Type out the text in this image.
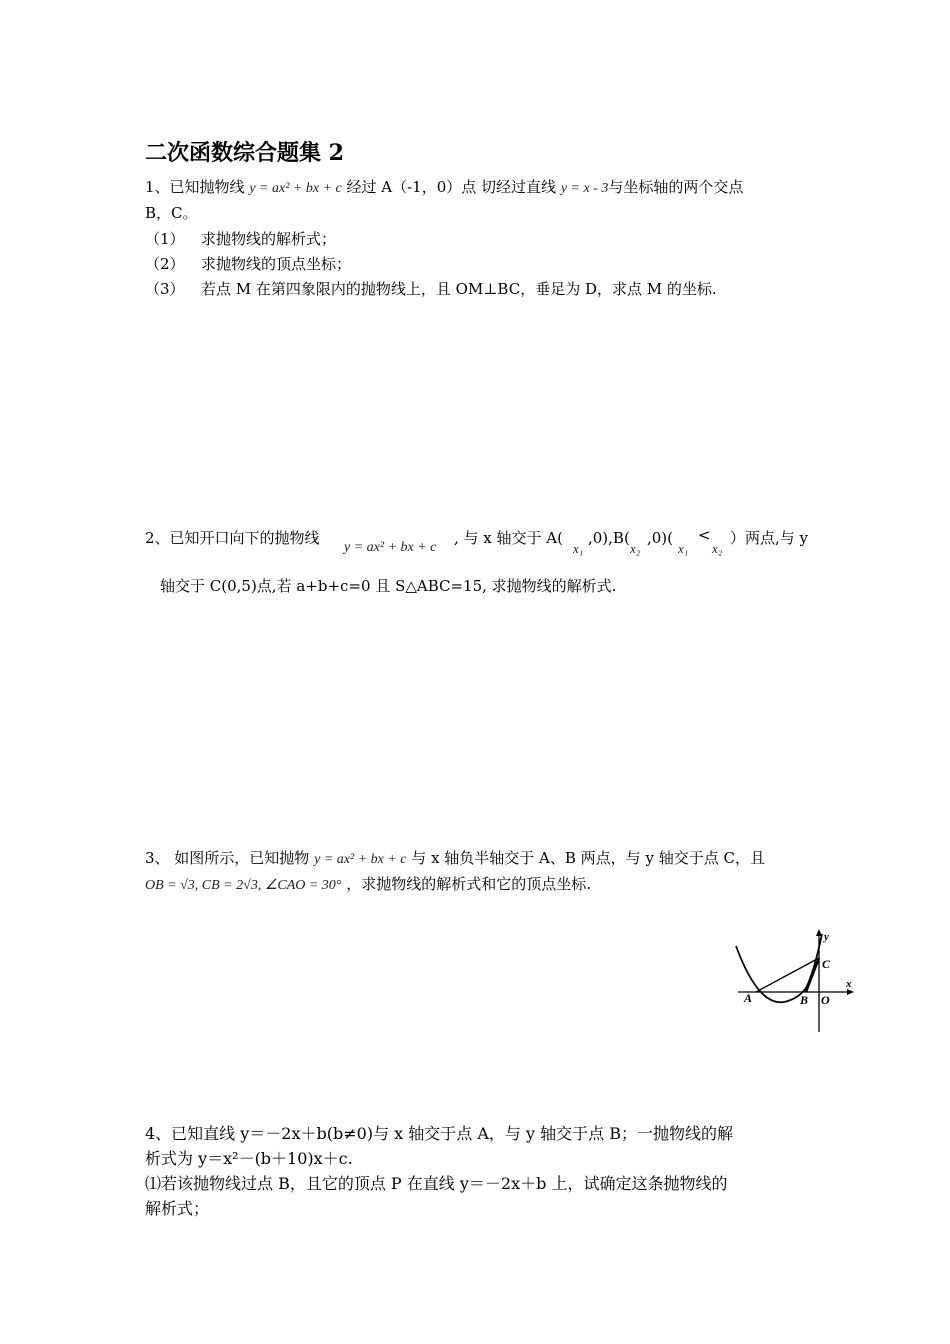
二次函数综合题集 2
1、已知抛物线 y = ax² + bx + c 经过 A（-1，0）点 切经过直线 y = x - 3与坐标轴的两个交点
B，C。
（1） 求抛物线的解析式；
（2） 求抛物线的顶点坐标；
（3） 若点 M 在第四象限内的抛物线上，且 OM⊥BC，垂足为 D，求点 M 的坐标.
2、已知开口向下的抛物线
y = ax² + bx + c
, 与 x 轴交于 A(
x₁
,0),B(
x₂
,0)(
x₁
<
x₂
）两点,与 y
轴交于 C(0,5)点,若 a+b+c=0 且 S△ABC=15, 求抛物线的解析式.
3、 如图所示，已知抛物 y = ax² + bx + c 与 x 轴负半轴交于 A、B 两点，与 y 轴交于点 C，且
OB = √3, CB = 2√3, ∠CAO = 30° ，求抛物线的解析式和它的顶点坐标.
y
x
A	B O
C
4、已知直线 y＝－2x＋b(b≠0)与 x 轴交于点 A，与 y 轴交于点 B；一抛物线的解
析式为 y＝x²－(b＋10)x＋c.
⑴若该抛物线过点 B，且它的顶点 P 在直线 y＝－2x＋b 上，试确定这条抛物线的
解析式；
